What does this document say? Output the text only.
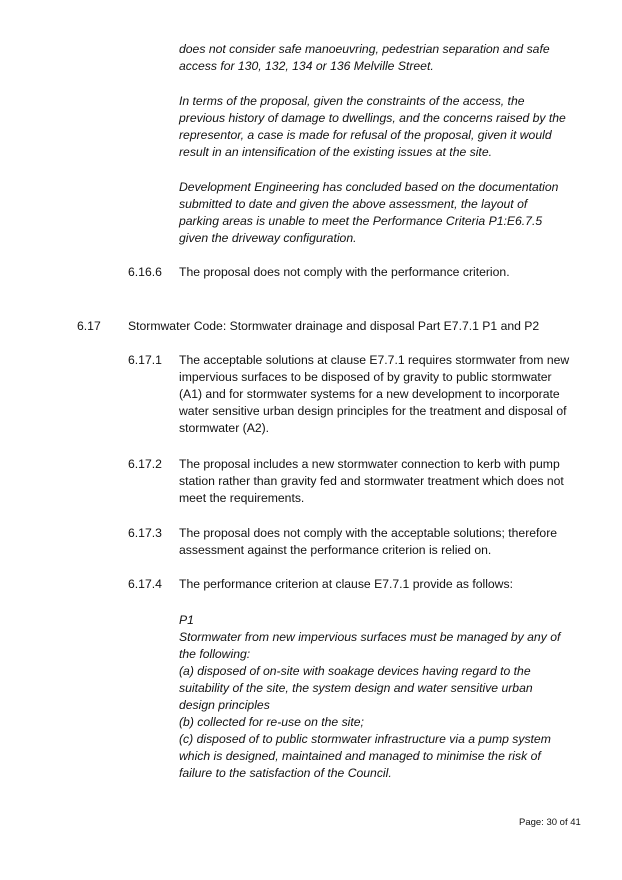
does not consider safe manoeuvring, pedestrian separation and safe
access for 130, 132, 134 or 136 Melville Street.
In terms of the proposal, given the constraints of the access, the
previous history of damage to dwellings, and the concerns raised by the
representor, a case is made for refusal of the proposal, given it would
result in an intensification of the existing issues at the site.
Development Engineering has concluded based on the documentation
submitted to date and given the above assessment, the layout of
parking areas is unable to meet the Performance Criteria P1:E6.7.5
given the driveway configuration.
6.16.6 The proposal does not comply with the performance criterion.
6.17 Stormwater Code: Stormwater drainage and disposal Part E7.7.1 P1 and P2
6.17.1 The acceptable solutions at clause E7.7.1 requires stormwater from new
impervious surfaces to be disposed of by gravity to public stormwater
(A1) and for stormwater systems for a new development to incorporate
water sensitive urban design principles for the treatment and disposal of
stormwater (A2).
6.17.2 The proposal includes a new stormwater connection to kerb with pump
station rather than gravity fed and stormwater treatment which does not
meet the requirements.
6.17.3 The proposal does not comply with the acceptable solutions; therefore
assessment against the performance criterion is relied on.
6.17.4 The performance criterion at clause E7.7.1 provide as follows:
P1
Stormwater from new impervious surfaces must be managed by any of
the following:
(a) disposed of on-site with soakage devices having regard to the
suitability of the site, the system design and water sensitive urban
design principles
(b) collected for re-use on the site;
(c) disposed of to public stormwater infrastructure via a pump system
which is designed, maintained and managed to minimise the risk of
failure to the satisfaction of the Council.
Page: 30 of 41
